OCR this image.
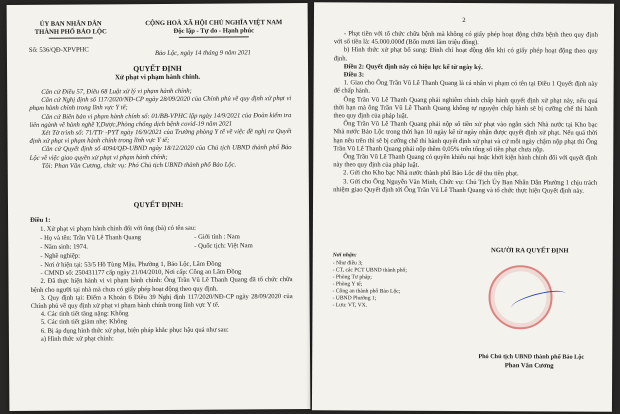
ỦY BAN NHÂN DÂN
THÀNH PHỐ BẢO LỘC
CỘNG HOÀ XÃ HỘI CHỦ NGHĨA VIỆT NAM
Độc lập - Tự do - Hạnh phúc
Số: 536/QĐ-XPVPHC	Bảo Lộc, ngày 14 tháng 9 năm 2021
QUYẾT ĐỊNH
Xử phạt vi phạm hành chính.

Căn cứ Điều 57, Điều 68 Luật xử lý vi phạm hành chính;

Căn cứ Nghị định số 117/2020/NĐ-CP ngày 28/09/2020 của Chính phủ về quy định xử phạt vi phạm hành chính trong lĩnh vực Y tế;

Căn cứ Biên bản vi phạm hành chính số: 01/BB-VPHC lập ngày 14/9/2021 của Đoàn kiểm tra liên ngành về hành nghề Y,Dược,Phòng chống dịch bệnh covid-19 năm 2021

Xét Tờ trình số: 71/TTr -PYT ngày 16/9/2021 của Trưởng phòng Y tế về việc đề nghị ra Quyết định xử phạt vi phạm hành chính trong lĩnh vực Y tế;

Căn cứ Quyết định số 4094/QĐ-UBND ngày 18/12/2020 của Chủ tịch UBND thành phố Bảo Lộc về việc giao quyền xử phạt vi phạm hành chính;

Tôi: Phan Văn Cương, chức vụ: Phó Chủ tịch UBND thành phố Bảo Lộc.

QUYẾT ĐỊNH:
Điều 1:
1. Xử phạt vi phạm hành chính đối với ông (bà) có tên sau:
- Họ và tên: Trần Vũ Lê Thanh Quang	- Giới tính : Nam
- Năm sinh: 1974.	- Quốc tịch: Việt Nam
- Nghề nghiệp:

- Nơi ở hiện tại: 53/5 Hồ Tùng Mậu, Phường 1, Bảo Lộc, Lâm Đồng

- CMND số: 250431177 cấp ngày 21/04/2010, Nơi cấp: Công an Lâm Đồng

2. Đã thực hiện hành vi vi phạm hành chính: Ông Trần Vũ Lê Thanh Quang đã tổ chức chữa bệnh cho người tại nhà mà chưa có giấy phép hoạt động theo quy định.

3. Quy định tại: Điểm a Khoản 6 Điều 39 Nghị định 117/2020/NĐ-CP ngày 28/09/2020 của Chính phủ về quy định xử phạt vi phạm hành chính trong lĩnh vực Y tế.

4. Các tình tiết tăng nặng: Không

5. Các tình tiết giảm nhẹ: Không

6. Bị áp dụng hình thức xử phạt, biện pháp khắc phục hậu quả như sau:

a) Hình thức xử phạt chính:

2

- Phạt tiền với tổ chức chữa bệnh mà không có giấy phép hoạt động chữa bệnh theo quy định với số tiền là: 45.000.000đ (Bốn mươi lăm triệu đồng).

b) Hình thức xử phạt bổ sung: Đình chỉ hoạt động đến khi có giấy phép hoạt động theo quy định.

Điều 2: Quyết định này có hiệu lực kể từ ngày ký.

Điều 3:

1. Giao cho Ông Trần Vũ Lê Thanh Quang là cá nhân vi phạm có tên tại Điều 1 Quyết định này để chấp hành.

Ông Trần Vũ Lê Thanh Quang phải nghiêm chỉnh chấp hành quyết định xử phạt này, nếu quá thời hạn mà ông Trần Vũ Lê Thanh Quang không tự nguyện chấp hành sẽ bị cưỡng chế thi hành theo quy định của pháp luật.

Ông Trần Vũ Lê Thanh Quang phải nộp số tiền xử phạt vào ngân sách Nhà nước tại Kho bạc Nhà nước Bảo Lộc trong thời hạn 10 ngày kể từ ngày nhận được quyết định xử phạt. Nếu quá thời hạn nêu trên thì sẽ bị cưỡng chế thi hành quyết định xử phạt và cứ mỗi ngày chậm nộp phạt thì Ông Trần Vũ Lê Thanh Quang phải nộp thêm 0,05% trên tổng số tiền phạt chưa nộp.

Ông Trần Vũ Lê Thanh Quang có quyền khiếu nại hoặc khởi kiện hành chính đối với quyết định này theo quy định của pháp luật.

2. Gửi cho Kho bạc Nhà nước thành phố Bảo Lộc để thu tiền phạt.

3. Gửi cho Ông Nguyễn Văn Minh, Chức vụ: Chủ Tịch Ủy Ban Nhân Dân Phường 1 chịu trách nhiệm giao Quyết định tới Ông Trần Vũ Lê Thanh Quang và tổ chức thực hiện Quyết định này.

Nơi nhận:
- Như điều 3;
- CT, các PCT UBND thành phố;
- Phòng Tư pháp;
- Phòng Y tế;
- Công an thành phố Bảo Lộc;
- UBND Phường 1;
- Lưu: VT, VX.
NGƯỜI RA QUYẾT ĐỊNH
Phó Chủ tịch UBND thành phố Bảo Lộc
Phan Văn Cương
